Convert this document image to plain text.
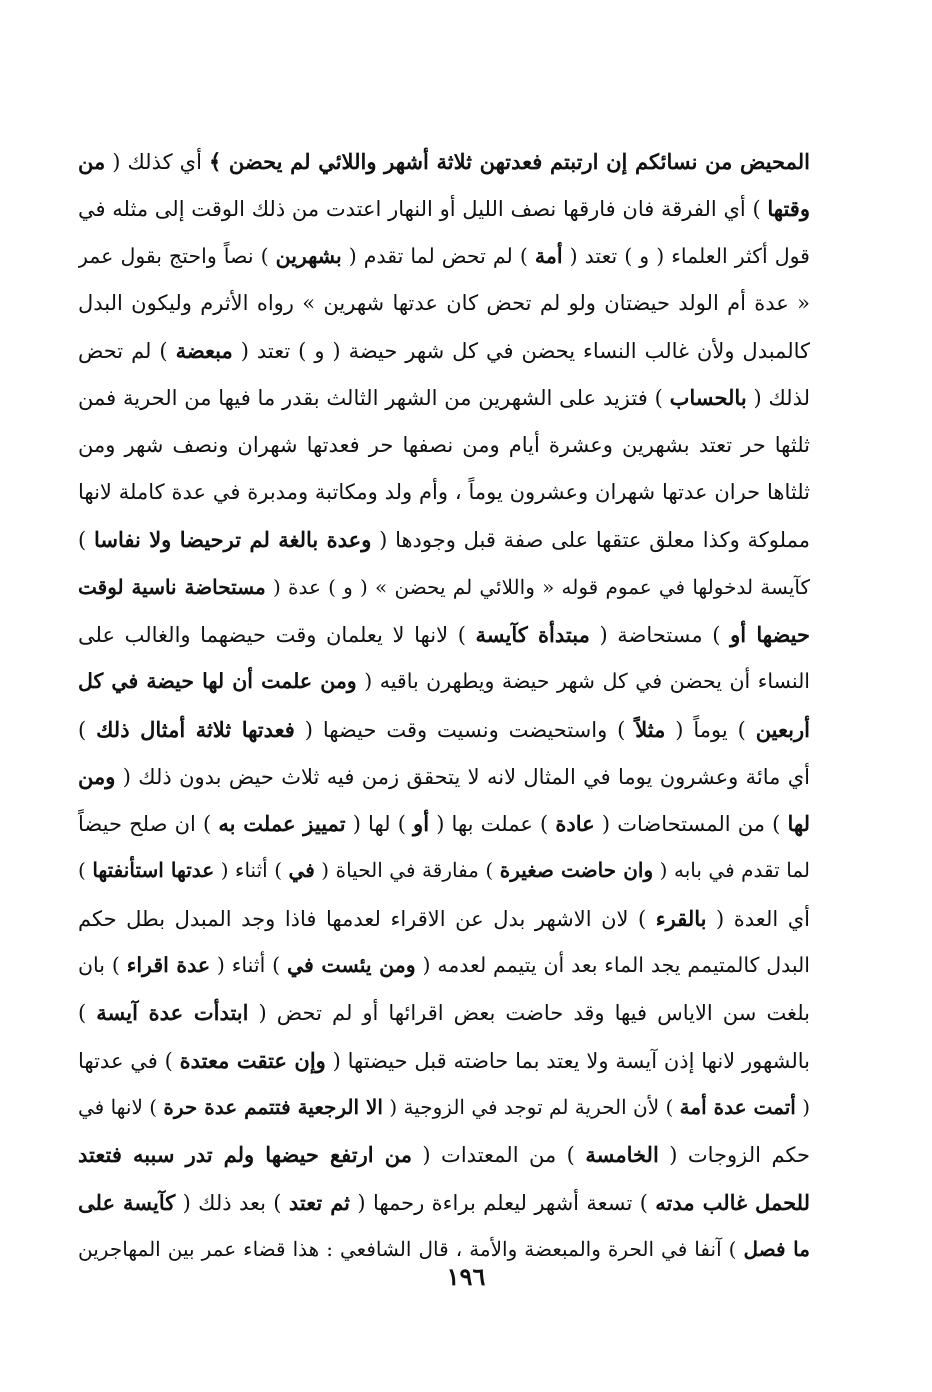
المحيض من نسائكم إن ارتبتم فعدتهن ثلاثة أشهر واللائي لم يحضن ﴾ أي كذلك ( من
وقتها ) أي الفرقة فان فارقها نصف الليل أو النهار اعتدت من ذلك الوقت إلى مثله في
قول أكثر العلماء ( و ) تعتد ( أمة ) لم تحض لما تقدم ( بشهرين ) نصاً واحتج بقول عمر
« عدة أم الولد حيضتان ولو لم تحض كان عدتها شهرين » رواه الأثرم وليكون البدل
كالمبدل ولأن غالب النساء يحضن في كل شهر حيضة ( و ) تعتد ( مبعضة ) لم تحض
لذلك ( بالحساب ) فتزيد على الشهرين من الشهر الثالث بقدر ما فيها من الحرية فمن
ثلثها حر تعتد بشهرين وعشرة أيام ومن نصفها حر فعدتها شهران ونصف شهر ومن
ثلثاها حران عدتها شهران وعشرون يوماً ، وأم ولد ومكاتبة ومدبرة في عدة كاملة لانها
مملوكة وكذا معلق عتقها على صفة قبل وجودها ( وعدة بالغة لم ترحيضا ولا نفاسا )
كآيسة لدخولها في عموم قوله « واللائي لم يحضن » ( و ) عدة ( مستحاضة ناسية لوقت
حيضها أو ) مستحاضة ( مبتدأة كآيسة ) لانها لا يعلمان وقت حيضهما والغالب على
النساء أن يحضن في كل شهر حيضة ويطهرن باقيه ( ومن علمت أن لها حيضة في كل
أربعين ) يوماً ( مثلاً ) واستحيضت ونسيت وقت حيضها ( فعدتها ثلاثة أمثال ذلك )
أي مائة وعشرون يوما في المثال لانه لا يتحقق زمن فيه ثلاث حيض بدون ذلك ( ومن
لها ) من المستحاضات ( عادة ) عملت بها ( أو ) لها ( تمييز عملت به ) ان صلح حيضاً
لما تقدم في بابه ( وان حاضت صغيرة ) مفارقة في الحياة ( في ) أثناء ( عدتها استأنفتها )
أي العدة ( بالقرء ) لان الاشهر بدل عن الاقراء لعدمها فاذا وجد المبدل بطل حكم
البدل كالمتيمم يجد الماء بعد أن يتيمم لعدمه ( ومن يئست في ) أثناء ( عدة اقراء ) بان
بلغت سن الاياس فيها وقد حاضت بعض اقرائها أو لم تحض ( ابتدأت عدة آيسة )
بالشهور لانها إذن آيسة ولا يعتد بما حاضته قبل حيضتها ( وإن عتقت معتدة ) في عدتها
( أتمت عدة أمة ) لأن الحرية لم توجد في الزوجية ( الا الرجعية فتتمم عدة حرة ) لانها في
حكم الزوجات ( الخامسة ) من المعتدات ( من ارتفع حيضها ولم تدر سببه فتعتد
للحمل غالب مدته ) تسعة أشهر ليعلم براءة رحمها ( ثم تعتد ) بعد ذلك ( كآيسة على
ما فصل ) آنفا في الحرة والمبعضة والأمة ، قال الشافعي : هذا قضاء عمر بين المهاجرين
١٩٦
